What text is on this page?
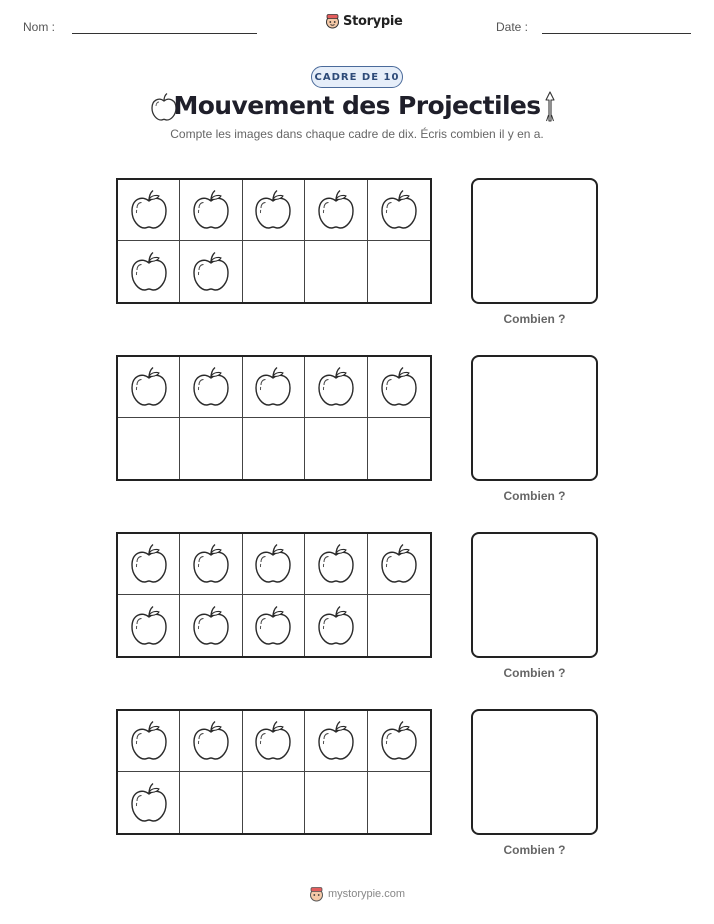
Nom :	Storypie	Date :
CADRE DE 10
Mouvement des Projectiles
Compte les images dans chaque cadre de dix. Écris combien il y en a.
Combien ?
Combien ?
Combien ?
Combien ?
mystorypie.com
